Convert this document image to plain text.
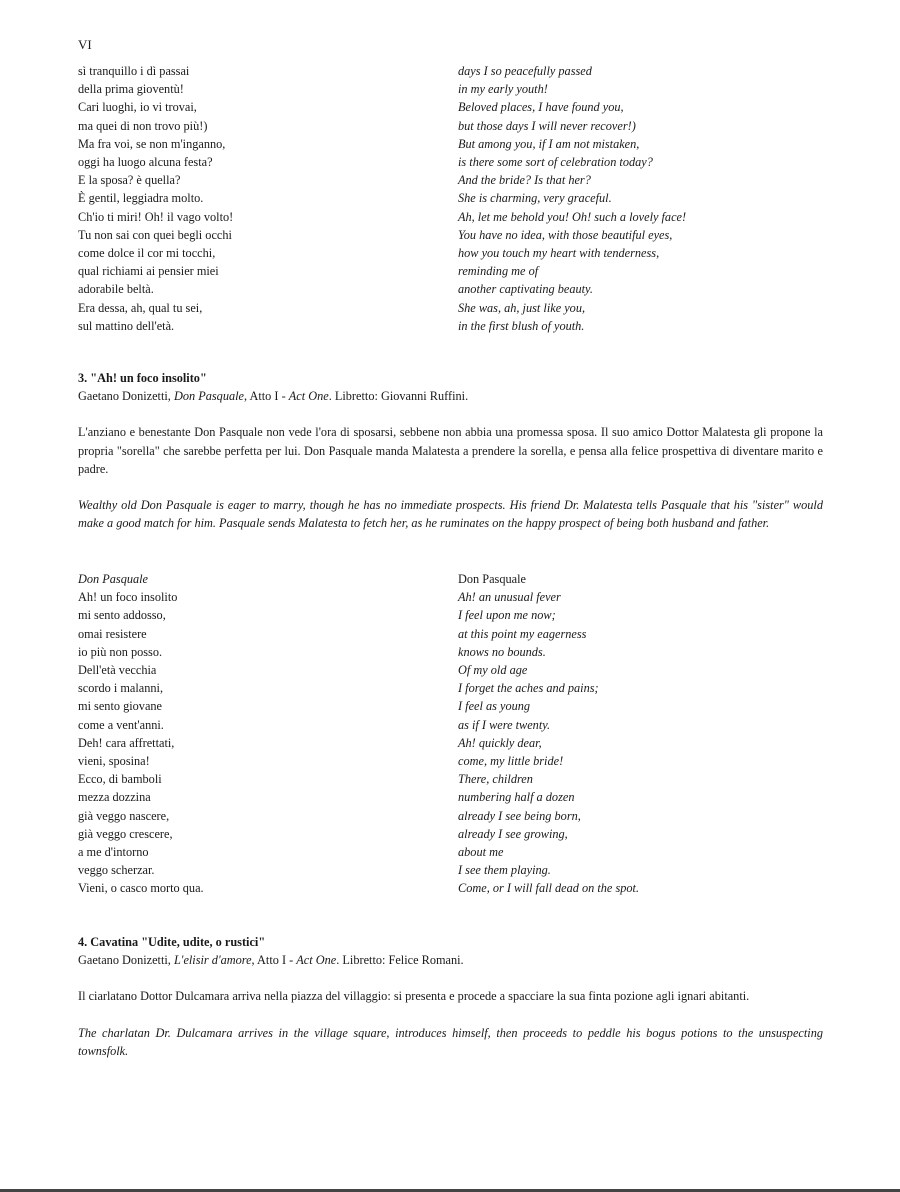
VI
sì tranquillo i dì passai
della prima gioventù!
Cari luoghi, io vi trovai,
ma quei di non trovo più!)
Ma fra voi, se non m'inganno,
oggi ha luogo alcuna festa?
E la sposa? è quella?
È gentil, leggiadra molto.
Ch'io ti miri! Oh! il vago volto!
Tu non sai con quei begli occhi
come dolce il cor mi tocchi,
qual richiami ai pensier miei
adorabile beltà.
Era dessa, ah, qual tu sei,
sul mattino dell'età.
days I so peacefully passed
in my early youth!
Beloved places, I have found you,
but those days I will never recover!)
But among you, if I am not mistaken,
is there some sort of celebration today?
And the bride? Is that her?
She is charming, very graceful.
Ah, let me behold you! Oh! such a lovely face!
You have no idea, with those beautiful eyes,
how you touch my heart with tenderness,
reminding me of
another captivating beauty.
She was, ah, just like you,
in the first blush of youth.
3. "Ah! un foco insolito"
Gaetano Donizetti, Don Pasquale, Atto I - Act One. Libretto: Giovanni Ruffini.
L'anziano e benestante Don Pasquale non vede l'ora di sposarsi, sebbene non abbia una promessa sposa. Il suo amico Dottor Malatesta gli propone la propria "sorella" che sarebbe perfetta per lui. Don Pasquale manda Malatesta a prendere la sorella, e pensa alla felice prospettiva di diventare marito e padre.
Wealthy old Don Pasquale is eager to marry, though he has no immediate prospects. His friend Dr. Malatesta tells Pasquale that his "sister" would make a good match for him. Pasquale sends Malatesta to fetch her, as he ruminates on the happy prospect of being both husband and father.
Don Pasquale
Ah! un foco insolito
mi sento addosso,
omai resistere
io più non posso.
Dell'età vecchia
scordo i malanni,
mi sento giovane
come a vent'anni.
Deh! cara affrettati,
vieni, sposina!
Ecco, di bamboli
mezza dozzina
già veggo nascere,
già veggo crescere,
a me d'intorno
veggo scherzar.
Vieni, o casco morto qua.
Don Pasquale
Ah! an unusual fever
I feel upon me now;
at this point my eagerness
knows no bounds.
Of my old age
I forget the aches and pains;
I feel as young
as if I were twenty.
Ah! quickly dear,
come, my little bride!
There, children
numbering half a dozen
already I see being born,
already I see growing,
about me
I see them playing.
Come, or I will fall dead on the spot.
4. Cavatina "Udite, udite, o rustici"
Gaetano Donizetti, L'elisir d'amore, Atto I - Act One. Libretto: Felice Romani.
Il ciarlatano Dottor Dulcamara arriva nella piazza del villaggio: si presenta e procede a spacciare la sua finta pozione agli ignari abitanti.
The charlatan Dr. Dulcamara arrives in the village square, introduces himself, then proceeds to peddle his bogus potions to the unsuspecting townsfolk.
